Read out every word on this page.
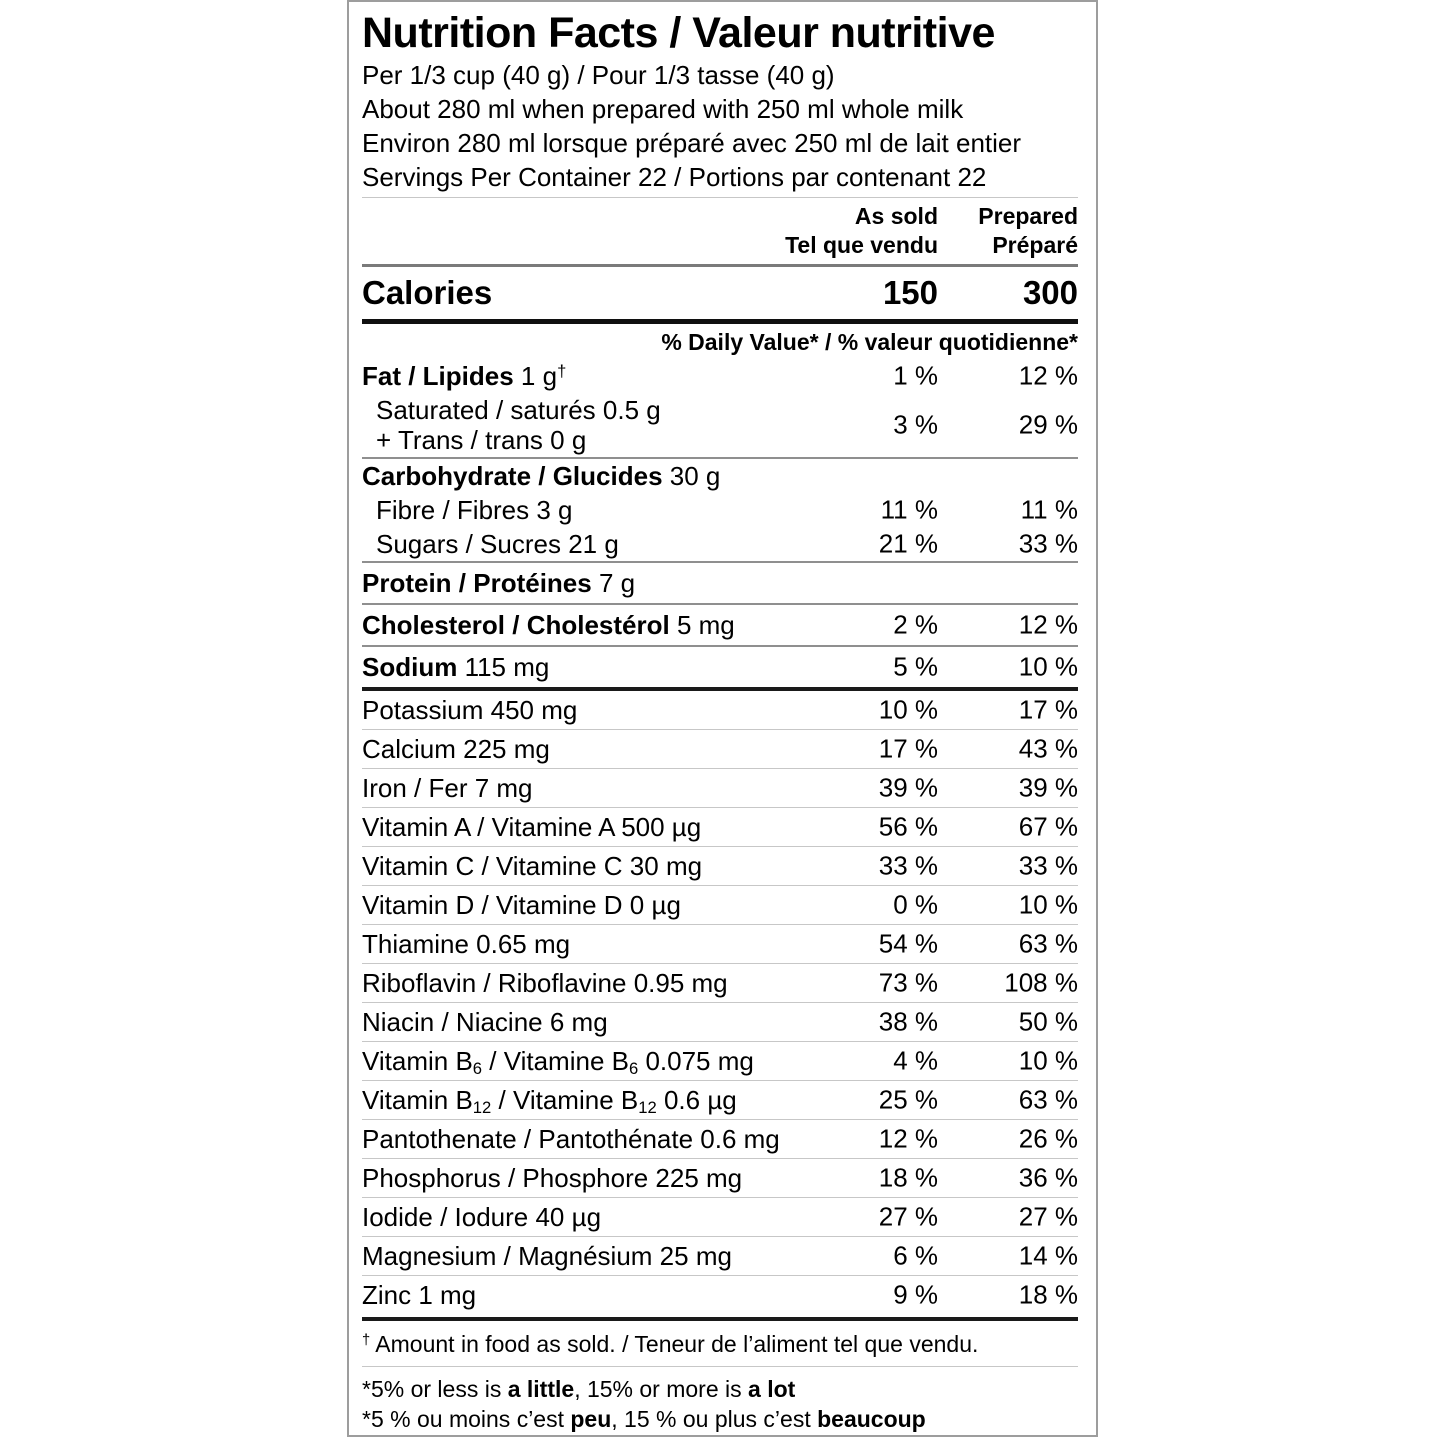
Nutrition Facts / Valeur nutritive
Per 1/3 cup (40 g) / Pour 1/3 tasse (40 g)
About 280 ml when prepared with 250 ml whole milk
Environ 280 ml lorsque préparé avec 250 ml de lait entier
Servings Per Container 22 / Portions par contenant 22
As sold
Tel que vendu
Prepared
Préparé
Calories	150	300
% Daily Value* / % valeur quotidienne*
Fat / Lipides 1 g†	1 %	12 %
Saturated / saturés 0.5 g
+ Trans / trans 0 g
3 %	29 %
Carbohydrate / Glucides 30 g
Fibre / Fibres 3 g	11 %	11 %
Sugars / Sucres 21 g	21 %	33 %
Protein / Protéines 7 g
Cholesterol / Cholestérol 5 mg	2 %	12 %
Sodium 115 mg	5 %	10 %
Potassium 450 mg	10 %	17 %
Calcium 225 mg	17 %	43 %
Iron / Fer 7 mg	39 %	39 %
Vitamin A / Vitamine A 500 µg	56 %	67 %
Vitamin C / Vitamine C 30 mg	33 %	33 %
Vitamin D / Vitamine D 0 µg	0 %	10 %
Thiamine 0.65 mg	54 %	63 %
Riboflavin / Riboflavine 0.95 mg	73 %	108 %
Niacin / Niacine 6 mg	38 %	50 %
Vitamin $B_6$ / Vitamine $B_6$ 0.075 mg	4 %	10 %
Vitamin $B_{12}$ / Vitamine $B_{12}$ 0.6 µg	25 %	63 %
Pantothenate / Pantothénate 0.6 mg	12 %	26 %
Phosphorus / Phosphore 225 mg	18 %	36 %
Iodide / Iodure 40 µg	27 %	27 %
Magnesium / Magnésium 25 mg	6 %	14 %
Zinc 1 mg	9 %	18 %
† Amount in food as sold. / Teneur de l’aliment tel que vendu.
*5% or less is a little, 15% or more is a lot
*5 % ou moins c’est peu, 15 % ou plus c’est beaucoup
